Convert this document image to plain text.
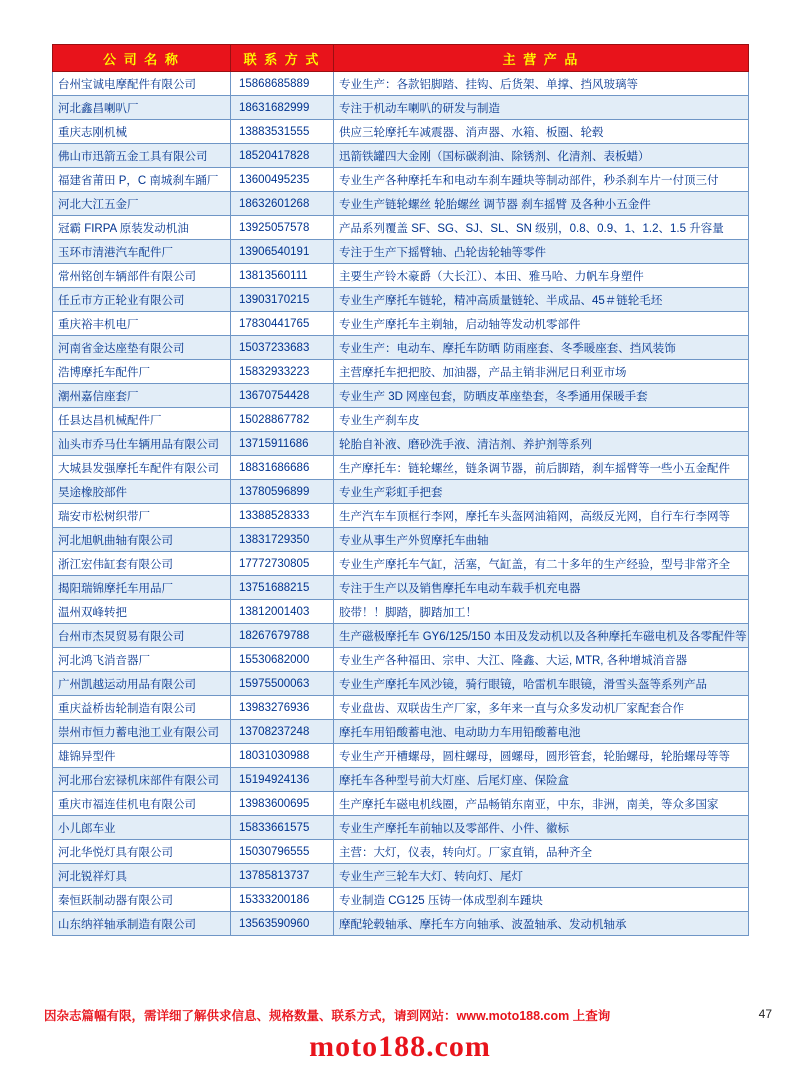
公 司 名 称	联 系 方 式	主 营 产 品
台州宝诚电摩配件有限公司	15868685889	专业生产：各款铝脚踏、挂钩、后货架、单撑、挡风玻璃等
河北鑫昌喇叭厂	18631682999	专注于机动车喇叭的研发与制造
重庆志刚机械	13883531555	供应三轮摩托车减震器、消声器、水箱、板圈、轮毂
佛山市迅箭五金工具有限公司	18520417828	迅箭铁罐四大金刚（国标碳刹油、除锈剂、化清剂、表板蜡）
福建省莆田 P，C 南城刹车踊厂	13600495235	专业生产各种摩托车和电动车刹车踵块等制动部件，秒杀刹车片一付顶三付
河北大江五金厂	18632601268	专业生产链轮螺丝 轮胎螺丝 调节器 刹车摇臂 及各种小五金件
冠霸 FIRPA 原装发动机油	13925057578	产品系列覆盖 SF、SG、SJ、SL、SN 级别，0.8、0.9、1、1.2、1.5 升容量
玉环市清港汽车配件厂	13906540191	专注于生产下摇臂轴、凸轮齿轮轴等零件
常州铭创车辆部件有限公司	13813560111	主要生产铃木豪爵（大长江）、本田、雅马哈、力帆车身塑件
任丘市方正轮业有限公司	13903170215	专业生产摩托车链轮，精冲高质量链轮、半成品、45＃链轮毛坯
重庆裕丰机电厂	17830441765	专业生产摩托车主剃轴，启动轴等发动机零部件
河南省金达座垫有限公司	15037233683	专业生产：电动车、摩托车防晒 防雨座套、冬季暖座套、挡风装饰
浩博摩托车配件厂	15832933223	主营摩托车把把胶、加油器，产品主销非洲尼日利亚市场
潮州嘉信座套厂	13670754428	专业生产 3D 网座包套，防晒皮革座垫套，冬季通用保暖手套
任县达昌机械配件厂	15028867782	专业生产刹车皮
汕头市乔马仕车辆用品有限公司	13715911686	轮胎自补液、磨砂洗手液、清洁剂、养护剂等系列
大城县发强摩托车配件有限公司	18831686686	生产摩托车：链轮螺丝，链条调节器，前后脚踏，刹车摇臂等一些小五金配件
昊途橡胶部件	13780596899	专业生产彩虹手把套
瑞安市松树织带厂	13388528333	生产汽车车顶框行李网，摩托车头盔网油箱网，高级反光网，自行车行李网等
河北旭帆曲轴有限公司	13831729350	专业从事生产外贸摩托车曲轴
浙江宏伟缸套有限公司	17772730805	专业生产摩托车气缸，活塞，气缸盖，有二十多年的生产经验，型号非常齐全
揭阳瑞锦摩托车用品厂	13751688215	专注于生产以及销售摩托车电动车载手机充电器
温州双峰转把	13812001403	胶带！！脚踏，脚踏加工！
台州市杰炅贸易有限公司	18267679788	生产磁极摩托车 GY6/125/150 本田及发动机以及各种摩托车磁电机及各零配件等
河北鸿飞消音器厂	15530682000	专业生产各种福田、宗申、大江、隆鑫、大运, MTR, 各种增城消音器
广州凯越运动用品有限公司	15975500063	专业生产摩托车风沙镜，骑行眼镜，哈雷机车眼镜，滑雪头盔等系列产品
重庆益桥齿轮制造有限公司	13983276936	专业盘齿、双联齿生产厂家，多年来一直与众多发动机厂家配套合作
崇州市恒力蓄电池工业有限公司	13708237248	摩托车用铅酸蓄电池、电动助力车用铅酸蓄电池
雄锦异型件	18031030988	专业生产开槽螺母，圆柱螺母，圆螺母，圆形管套，轮胎螺母，轮胎螺母等等
河北邢台宏禄机床部件有限公司	15194924136	摩托车各种型号前大灯座、后尾灯座、保险盒
重庆市福连佳机电有限公司	13983600695	生产摩托车磁电机线圈，产品畅销东南亚，中东，非洲，南美，等众多国家
小儿郎车业	15833661575	专业生产摩托车前轴以及零部件、小件、徽标
河北华悦灯具有限公司	15030796555	主营：大灯，仪表，转向灯。厂家直销，品种齐全
河北锐祥灯具	13785813737	专业生产三轮车大灯、转向灯、尾灯
秦恒跃制动器有限公司	15333200186	专业制造 CG125 压铸一体成型刹车踵块
山东纳祥轴承制造有限公司	13563590960	摩配轮毂轴承、摩托车方向轴承、波盈轴承、发动机轴承
因杂志篇幅有限，需详细了解供求信息、规格数量、联系方式，请到网站：www.moto188.com 上查询	47
moto188.com
